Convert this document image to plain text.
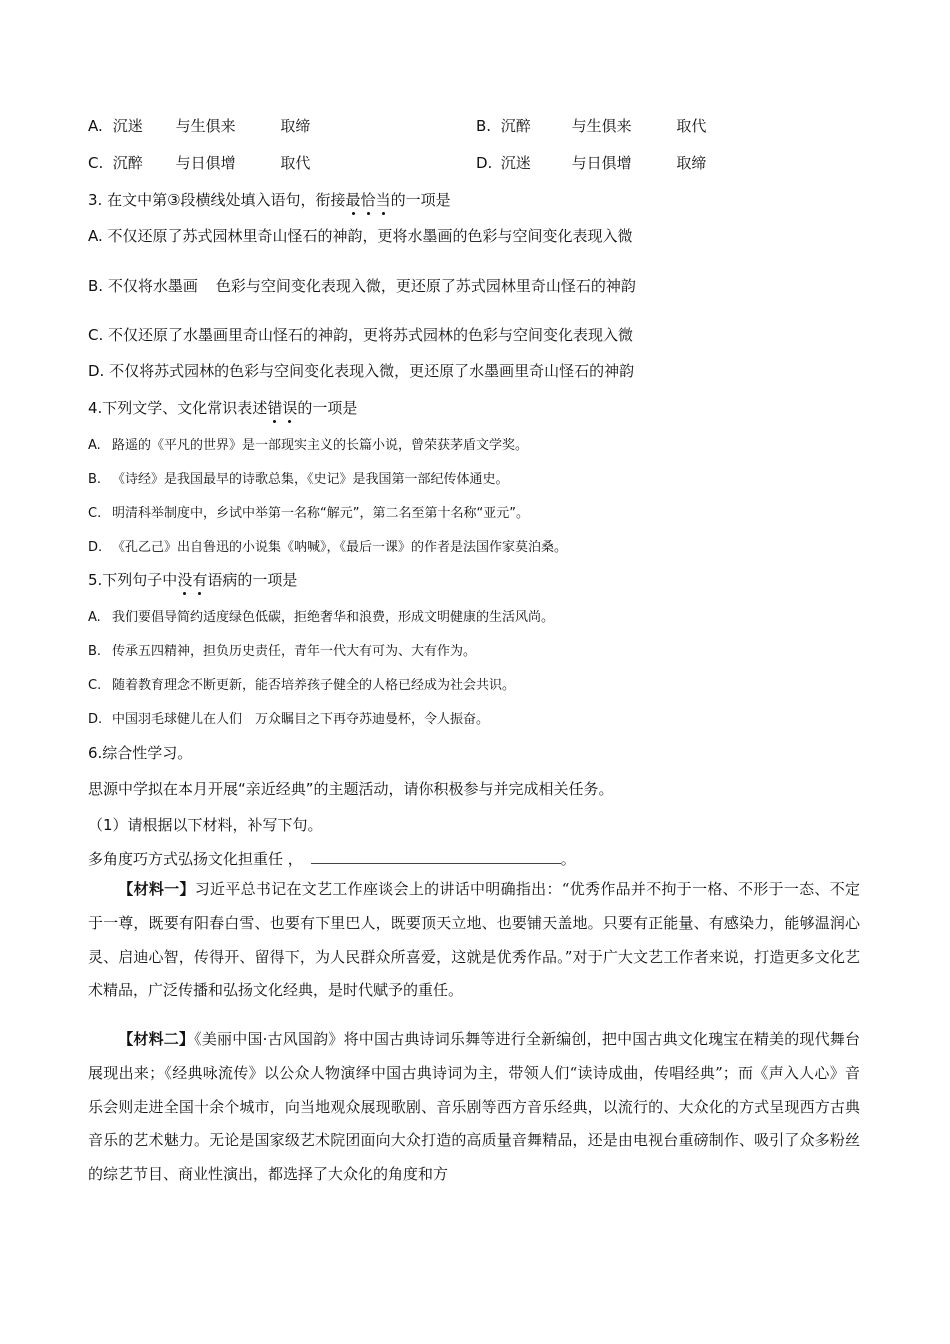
A. 沉迷 与生俱来	取缔	B. 沉醉	与生俱来	取代
C. 沉醉 与日俱增	取代	D. 沉迷	与日俱增	取缔
3. 在文中第③段横线处填入语句，衔接最恰当的一项是
A. 不仅还原了苏式园林里奇山怪石的神韵，更将水墨画的色彩与空间变化表现入微
B. 不仅将水墨画 色彩与空间变化表现入微，更还原了苏式园林里奇山怪石的神韵
C. 不仅还原了水墨画里奇山怪石的神韵，更将苏式园林的色彩与空间变化表现入微
D. 不仅将苏式园林的色彩与空间变化表现入微，更还原了水墨画里奇山怪石的神韵
4.下列文学、文化常识表述错误的一项是
A. 路遥的《平凡的世界》是一部现实主义的长篇小说，曾荣获茅盾文学奖。
B. 《诗经》是我国最早的诗歌总集，《史记》是我国第一部纪传体通史。
C. 明清科举制度中，乡试中举第一名称“解元”，第二名至第十名称“亚元”。
D. 《孔乙己》出自鲁迅的小说集《呐喊》，《最后一课》的作者是法国作家莫泊桑。
5.下列句子中没有语病的一项是
A. 我们要倡导简约适度绿色低碳，拒绝奢华和浪费，形成文明健康的生活风尚。
B. 传承五四精神，担负历史责任，青年一代大有可为、大有作为。
C. 随着教育理念不断更新，能否培养孩子健全的人格已经成为社会共识。
D. 中国羽毛球健儿在人们　万众瞩目之下再夺苏迪曼杯，令人振奋。
6.综合性学习。
思源中学拟在本月开展“亲近经典”的主题活动，请你积极参与并完成相关任务。
（1）请根据以下材料，补写下句。
多角度巧方式弘扬文化担重任 ，	。
【材料一】习近平总书记在文艺工作座谈会上的讲话中明确指出：“优秀作品并不拘于一格、不形于一态、不定于一尊，既要有阳春白雪、也要有下里巴人，既要顶天立地、也要铺天盖地。只要有正能量、有感染力，能够温润心灵、启迪心智，传得开、留得下，为人民群众所喜爱，这就是优秀作品。”对于广大文艺工作者来说，打造更多文化艺术精品，广泛传播和弘扬文化经典，是时代赋予的重任。
【材料二】《美丽中国·古风国韵》将中国古典诗词乐舞等进行全新编创，把中国古典文化瑰宝在精美的现代舞台展现出来；《经典咏流传》以公众人物演绎中国古典诗词为主，带领人们“读诗成曲，传唱经典”；而《声入人心》音乐会则走进全国十余个城市，向当地观众展现歌剧、音乐剧等西方音乐经典，以流行的、大众化的方式呈现西方古典音乐的艺术魅力。无论是国家级艺术院团面向大众打造的高质量音舞精品，还是由电视台重磅制作、吸引了众多粉丝的综艺节目、商业性演出，都选择了大众化的角度和方
